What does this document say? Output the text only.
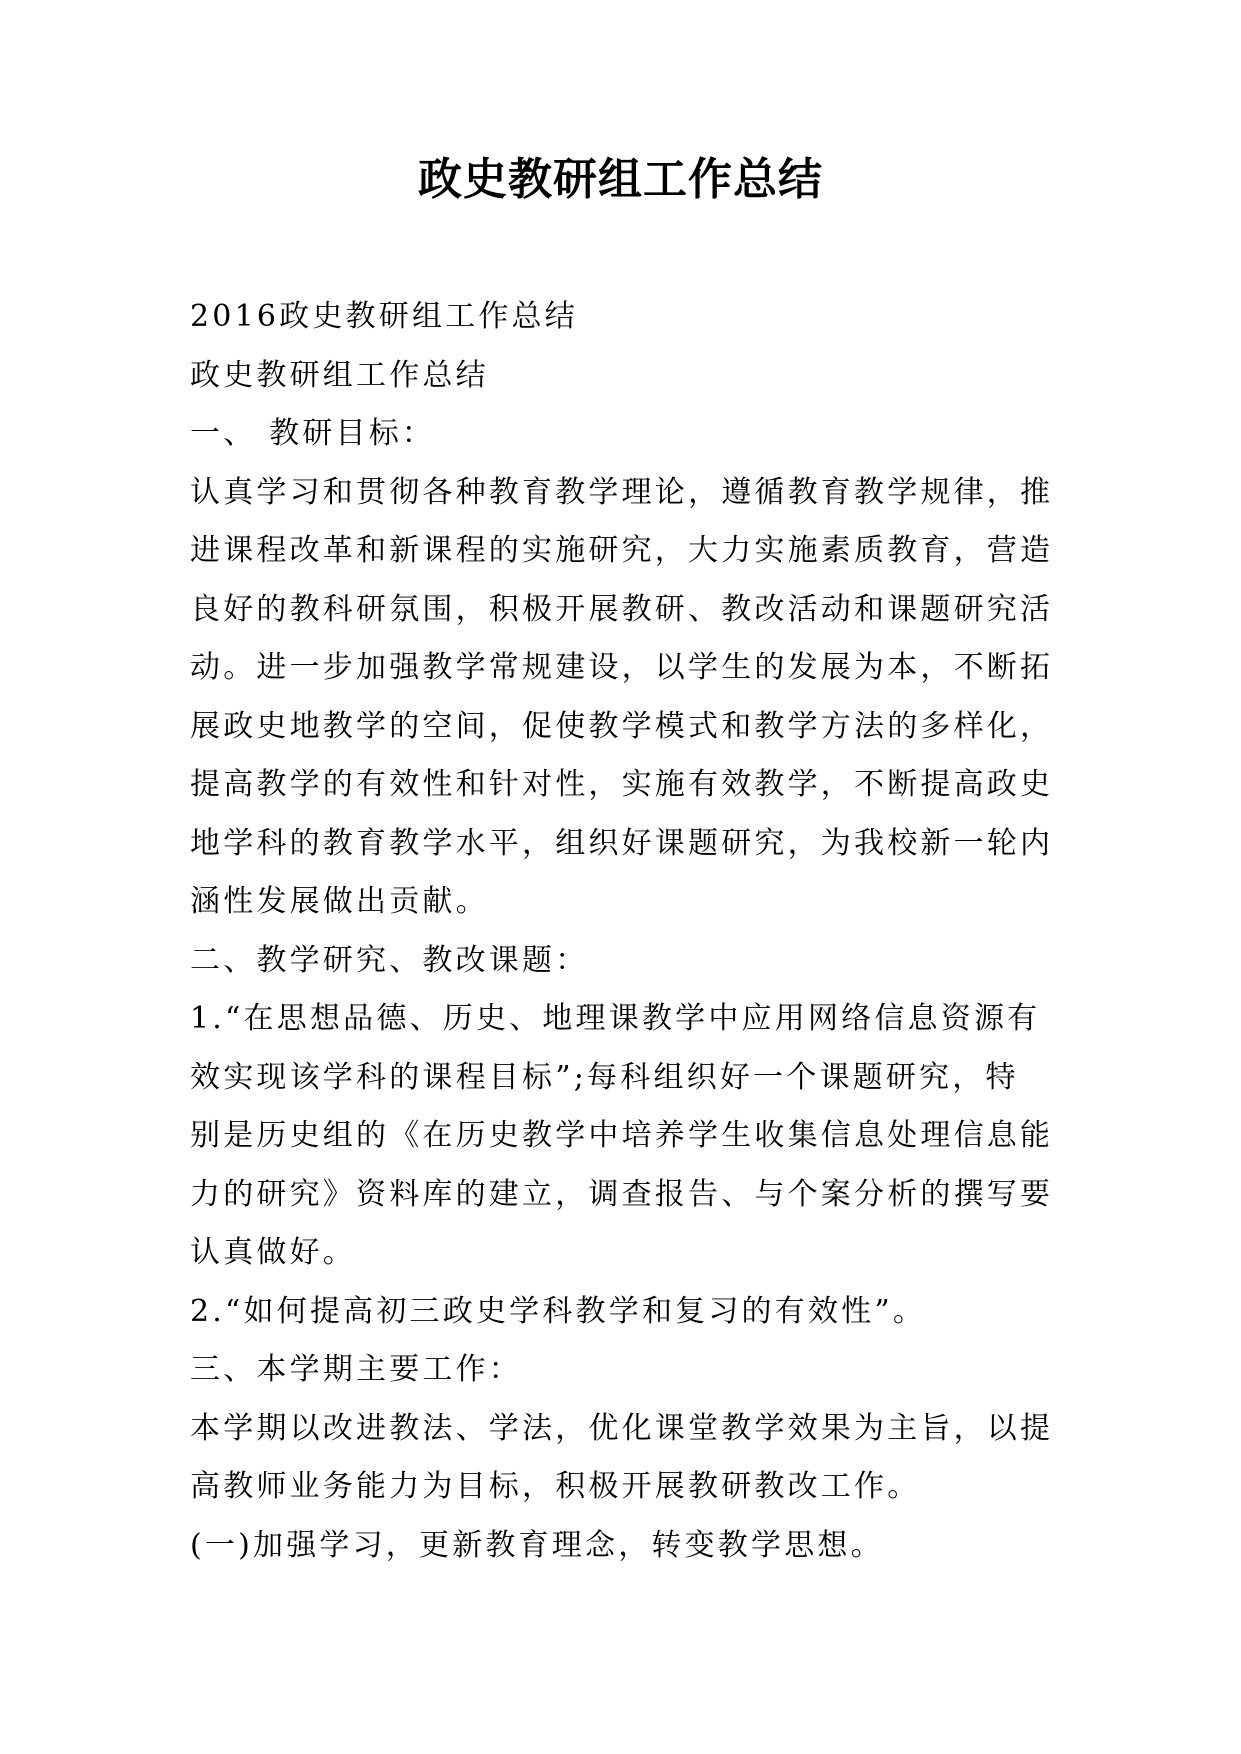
政史教研组工作总结

2016政史教研组工作总结

政史教研组工作总结

一、 教研目标：

认真学习和贯彻各种教育教学理论，遵循教育教学规律，推

进课程改革和新课程的实施研究，大力实施素质教育，营造

良好的教科研氛围，积极开展教研、教改活动和课题研究活

动。进一步加强教学常规建设，以学生的发展为本，不断拓

展政史地教学的空间，促使教学模式和教学方法的多样化，

提高教学的有效性和针对性，实施有效教学，不断提高政史

地学科的教育教学水平，组织好课题研究，为我校新一轮内

涵性发展做出贡献。

二、教学研究、教改课题：

1.“在思想品德、历史、地理课教学中应用网络信息资源有

效实现该学科的课程目标”;每科组织好一个课题研究，特

别是历史组的《在历史教学中培养学生收集信息处理信息能

力的研究》资料库的建立，调查报告、与个案分析的撰写要

认真做好。

2.“如何提高初三政史学科教学和复习的有效性”。

三、本学期主要工作：

本学期以改进教法、学法，优化课堂教学效果为主旨，以提

高教师业务能力为目标，积极开展教研教改工作。

(一)加强学习，更新教育理念，转变教学思想。
